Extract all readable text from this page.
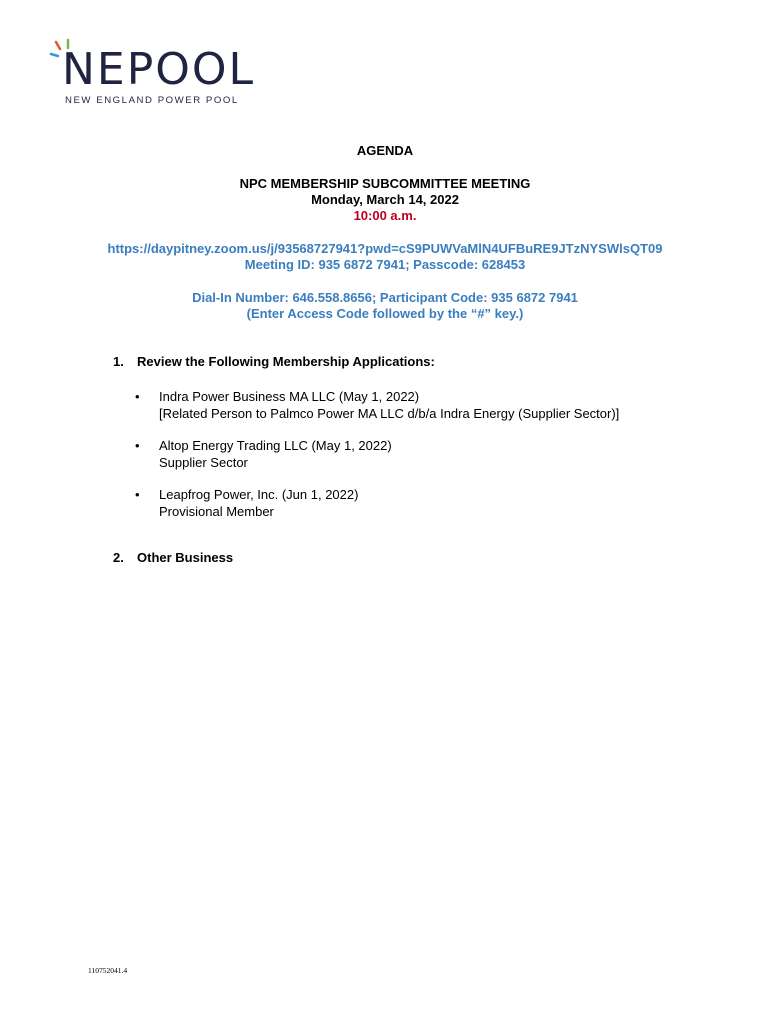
NEPOOL

NEW ENGLAND POWER POOL

AGENDA
NPC MEMBERSHIP SUBCOMMITTEE MEETING
Monday, March 14, 2022
10:00 a.m.
https://daypitney.zoom.us/j/93568727941?pwd=cS9PUWVaMlN4UFBuRE9JTzNYSWlsQT09
Meeting ID: 935 6872 7941; Passcode: 628453
Dial-In Number: 646.558.8656; Participant Code: 935 6872 7941
(Enter Access Code followed by the “#” key.)
1. Review the Following Membership Applications:
•	Indra Power Business MA LLC (May 1, 2022)
[Related Person to Palmco Power MA LLC d/b/a Indra Energy (Supplier Sector)]
•	Altop Energy Trading LLC (May 1, 2022)
Supplier Sector
•	Leapfrog Power, Inc. (Jun 1, 2022)
Provisional Member
2. Other Business
110752041.4
